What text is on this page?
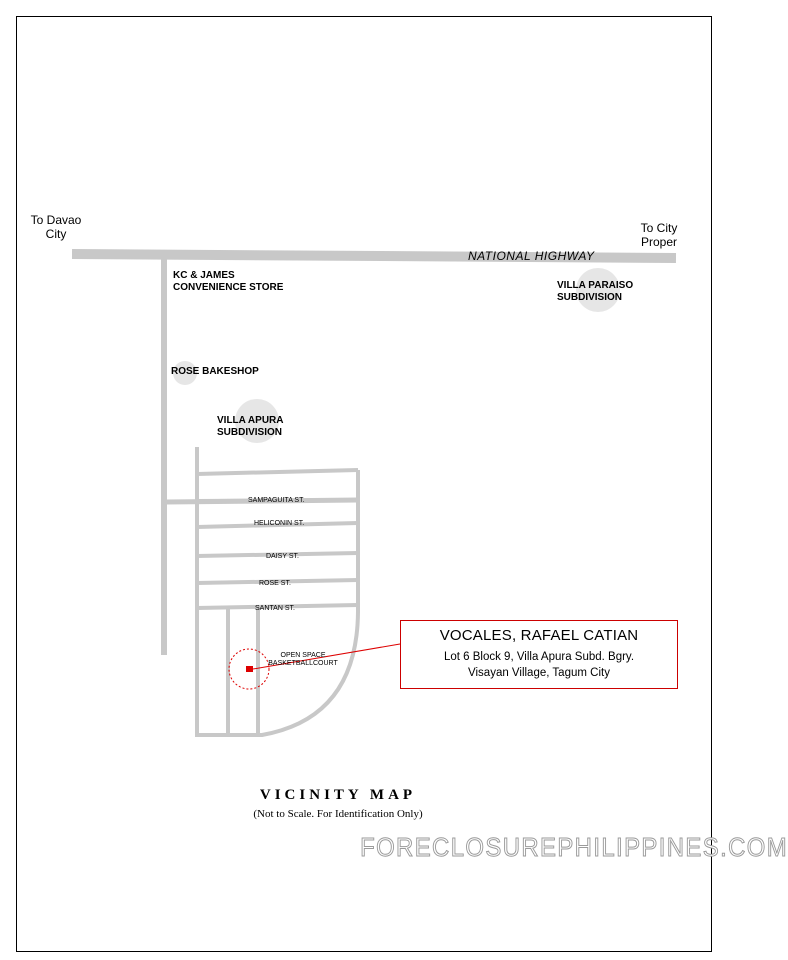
To Davao
City	To City
Proper
NATIONAL HIGHWAY
KC & JAMES
CONVENIENCE STORE	VILLA PARAISO
SUBDIVISION
ROSE BAKESHOP
VILLA APURA
SUBDIVISION
SAMPAGUITA ST.
HELICONIN ST.
DAISY ST.
ROSE ST.
SANTAN ST.
OPEN SPACE
BASKETBALLCOURT
VOCALES, RAFAEL CATIAN
Lot 6 Block 9, Villa Apura Subd. Bgry.
Visayan Village, Tagum City
VICINITY MAP
(Not to Scale. For Identification Only)
FORECLOSUREPHILIPPINES.COM
